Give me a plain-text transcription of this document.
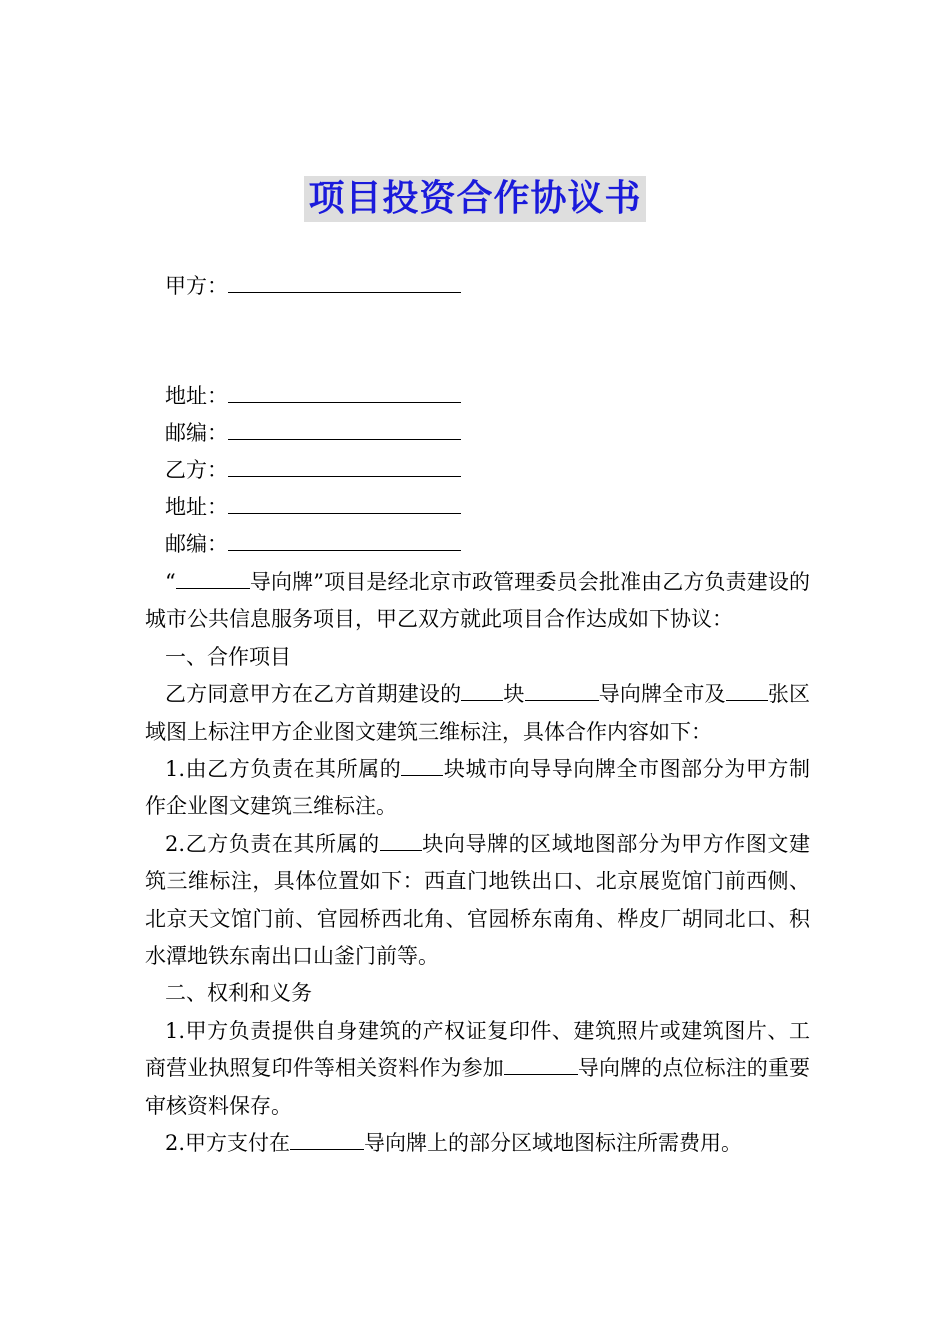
项目投资合作协议书
甲方：
地址：
邮编：
乙方：
地址：
邮编：

“	导向牌”项目是经北京市政管理委员会批准由乙方负责建设的城市公共信息服务项目，甲乙双方就此项目合作达成如下协议：

一、合作项目

乙方同意甲方在乙方首期建设的 块	导向牌全市及 张区域图上标注甲方企业图文建筑三维标注，具体合作内容如下：

1.由乙方负责在其所属的 块城市向导导向牌全市图部分为甲方制作企业图文建筑三维标注。

2.乙方负责在其所属的 块向导牌的区域地图部分为甲方作图文建筑三维标注，具体位置如下：西直门地铁出口、北京展览馆门前西侧、北京天文馆门前、官园桥西北角、官园桥东南角、桦皮厂胡同北口、积水潭地铁东南出口山釜门前等。

二、权利和义务

1.甲方负责提供自身建筑的产权证复印件、建筑照片或建筑图片、工商营业执照复印件等相关资料作为参加	导向牌的点位标注的重要审核资料保存。

2.甲方支付在	导向牌上的部分区域地图标注所需费用。
